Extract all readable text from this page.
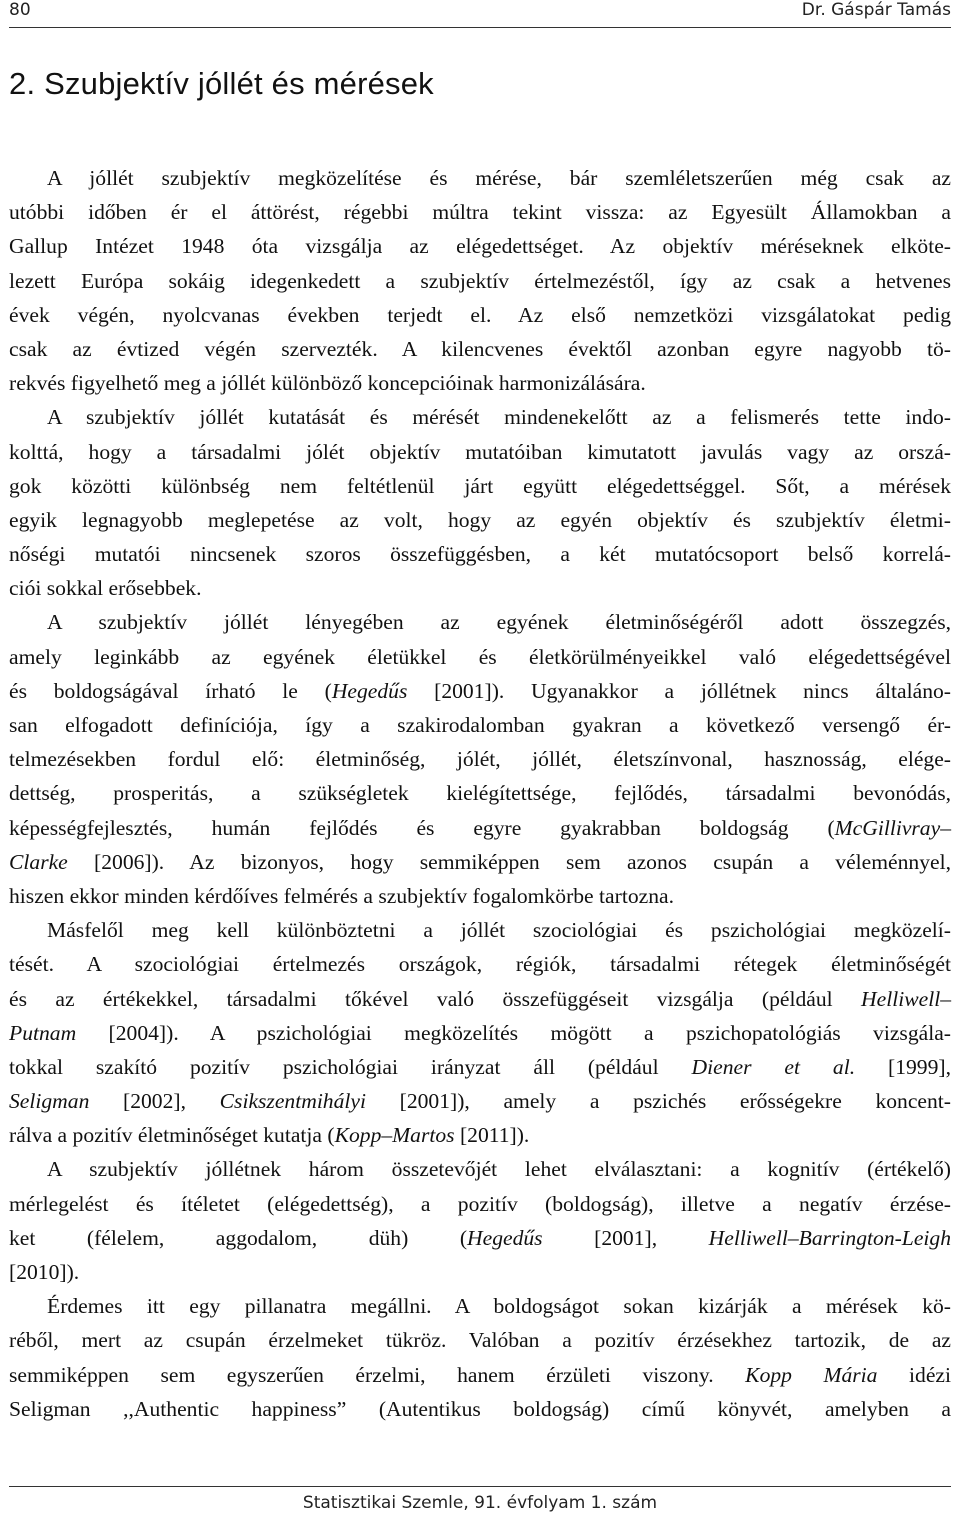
80	Dr. Gáspár Tamás
2. Szubjektív jóllét és mérések
A jóllét szubjektív megközelítése és mérése, bár szemléletszerűen még csak az
utóbbi időben ér el áttörést, régebbi múltra tekint vissza: az Egyesült Államokban a
Gallup Intézet 1948 óta vizsgálja az elégedettséget. Az objektív méréseknek elköte-
lezett Európa sokáig idegenkedett a szubjektív értelmezéstől, így az csak a hetvenes
évek végén, nyolcvanas években terjedt el. Az első nemzetközi vizsgálatokat pedig
csak az évtized végén szervezték. A kilencvenes évektől azonban egyre nagyobb tö-
rekvés figyelhető meg a jóllét különböző koncepcióinak harmonizálására.
A szubjektív jóllét kutatását és mérését mindenekelőtt az a felismerés tette indo-
kolttá, hogy a társadalmi jólét objektív mutatóiban kimutatott javulás vagy az orszá-
gok közötti különbség nem feltétlenül járt együtt elégedettséggel. Sőt, a mérések
egyik legnagyobb meglepetése az volt, hogy az egyén objektív és szubjektív életmi-
nőségi mutatói nincsenek szoros összefüggésben, a két mutatócsoport belső korrelá-
ciói sokkal erősebbek.
A szubjektív jóllét lényegében az egyének életminőségéről adott összegzés,
amely leginkább az egyének életükkel és életkörülményeikkel való elégedettségével
és boldogságával írható le (Hegedűs [2001]). Ugyanakkor a jóllétnek nincs általáno-
san elfogadott definíciója, így a szakirodalomban gyakran a következő versengő ér-
telmezésekben fordul elő: életminőség, jólét, jóllét, életszínvonal, hasznosság, elége-
dettség, prosperitás, a szükségletek kielégítettsége, fejlődés, társadalmi bevonódás,
képességfejlesztés, humán fejlődés és egyre gyakrabban boldogság (McGillivray–
Clarke [2006]). Az bizonyos, hogy semmiképpen sem azonos csupán a véleménnyel,
hiszen ekkor minden kérdőíves felmérés a szubjektív fogalomkörbe tartozna.
Másfelől meg kell különböztetni a jóllét szociológiai és pszichológiai megközelí-
tését. A szociológiai értelmezés országok, régiók, társadalmi rétegek életminőségét
és az értékekkel, társadalmi tőkével való összefüggéseit vizsgálja (például Helliwell–
Putnam [2004]). A pszichológiai megközelítés mögött a pszichopatológiás vizsgála-
tokkal szakító pozitív pszichológiai irányzat áll (például Diener et al. [1999],
Seligman [2002], Csikszentmihályi [2001]), amely a pszichés erősségekre koncent-
rálva a pozitív életminőséget kutatja (Kopp–Martos [2011]).
A szubjektív jóllétnek három összetevőjét lehet elválasztani: a kognitív (értékelő)
mérlegelést és ítéletet (elégedettség), a pozitív (boldogság), illetve a negatív érzése-
ket (félelem, aggodalom, düh) (Hegedűs [2001], Helliwell–Barrington-Leigh
[2010]).
Érdemes itt egy pillanatra megállni. A boldogságot sokan kizárják a mérések kö-
réből, mert az csupán érzelmeket tükröz. Valóban a pozitív érzésekhez tartozik, de az
semmiképpen sem egyszerűen érzelmi, hanem érzületi viszony. Kopp Mária idézi
Seligman ,,Authentic happiness” (Autentikus boldogság) című könyvét, amelyben a
Statisztikai Szemle, 91. évfolyam 1. szám
